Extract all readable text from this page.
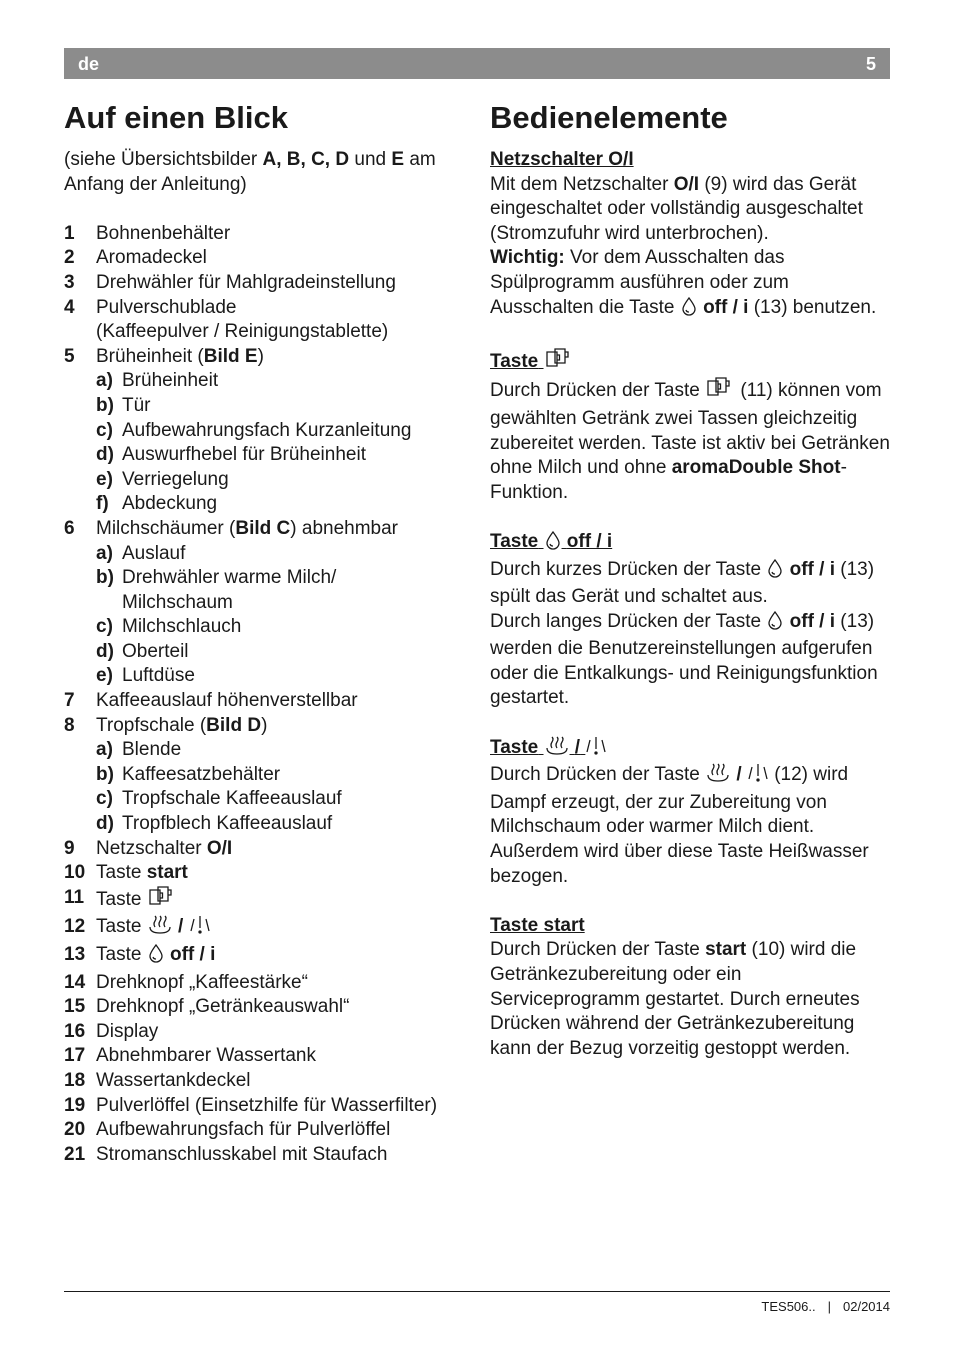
de	5
Auf einen Blick

(siehe Übersichtsbilder A, B, C, D und E am Anfang der Anleitung)

1	Bohnenbehälter
2	Aromadeckel
3	Drehwähler für Mahlgradeinstellung
4	Pulverschublade
(Kaffeepulver / Reinigungstablette)
5	Brüheinheit (Bild E)
a) Brüheinheit
b) Tür
c) Aufbewahrungsfach Kurzanleitung
d) Auswurfhebel für Brüheinheit
e) Verriegelung
f) Abdeckung
6	Milchschäumer (Bild C) abnehmbar
a) Auslauf
b) Drehwähler warme Milch/
Milchschaum
c) Milchschlauch
d) Oberteil
e) Luftdüse
7	Kaffeeauslauf höhenverstellbar
8	Tropfschale (Bild D)
a) Blende
b) Kaffeesatzbehälter
c) Tropfschale Kaffeeauslauf
d) Tropfblech Kaffeeauslauf
9	Netzschalter O/I
10 Taste start
11 Taste
12 Taste  /
13 Taste  off / i
14 Drehknopf „Kaffeestärke“
15 Drehknopf „Getränkeauswahl“
16 Display
17 Abnehmbarer Wassertank
18 Wassertankdeckel
19 Pulverlöffel (Einsetzhilfe für Wasserfilter)
20 Aufbewahrungsfach für Pulverlöffel
21 Stromanschlusskabel mit Staufach
Bedienelemente
Netzschalter O/I

Mit dem Netzschalter O/I (9) wird das Gerät eingeschaltet oder vollständig ausgeschaltet (Stromzufuhr wird unterbrochen).
Wichtig: Vor dem Ausschalten das Spülprogramm ausführen oder zum Ausschalten die Taste  off / i (13) benutzen.

Taste

Durch Drücken der Taste  (11) können vom gewählten Getränk zwei Tassen gleichzeitig zubereitet werden. Taste ist aktiv bei Getränken ohne Milch und ohne aromaDouble Shot-Funktion.

Taste off / i

Durch kurzes Drücken der Taste  off / i (13) spült das Gerät und schaltet aus.
Durch langes Drücken der Taste  off / i (13) werden die Benutzereinstellungen aufgerufen oder die Entkalkungs- und Reinigungsfunktion gestartet.

Taste /

Durch Drücken der Taste  /  (12) wird Dampf erzeugt, der zur Zubereitung von Milchschaum oder warmer Milch dient. Außerdem wird über diese Taste Heißwasser bezogen.

Taste start

Durch Drücken der Taste start (10) wird die Getränkezubereitung oder ein Serviceprogramm gestartet. Durch erneutes Drücken während der Getränkezubereitung kann der Bezug vorzeitig gestoppt werden.

TES506.. | 02/2014
